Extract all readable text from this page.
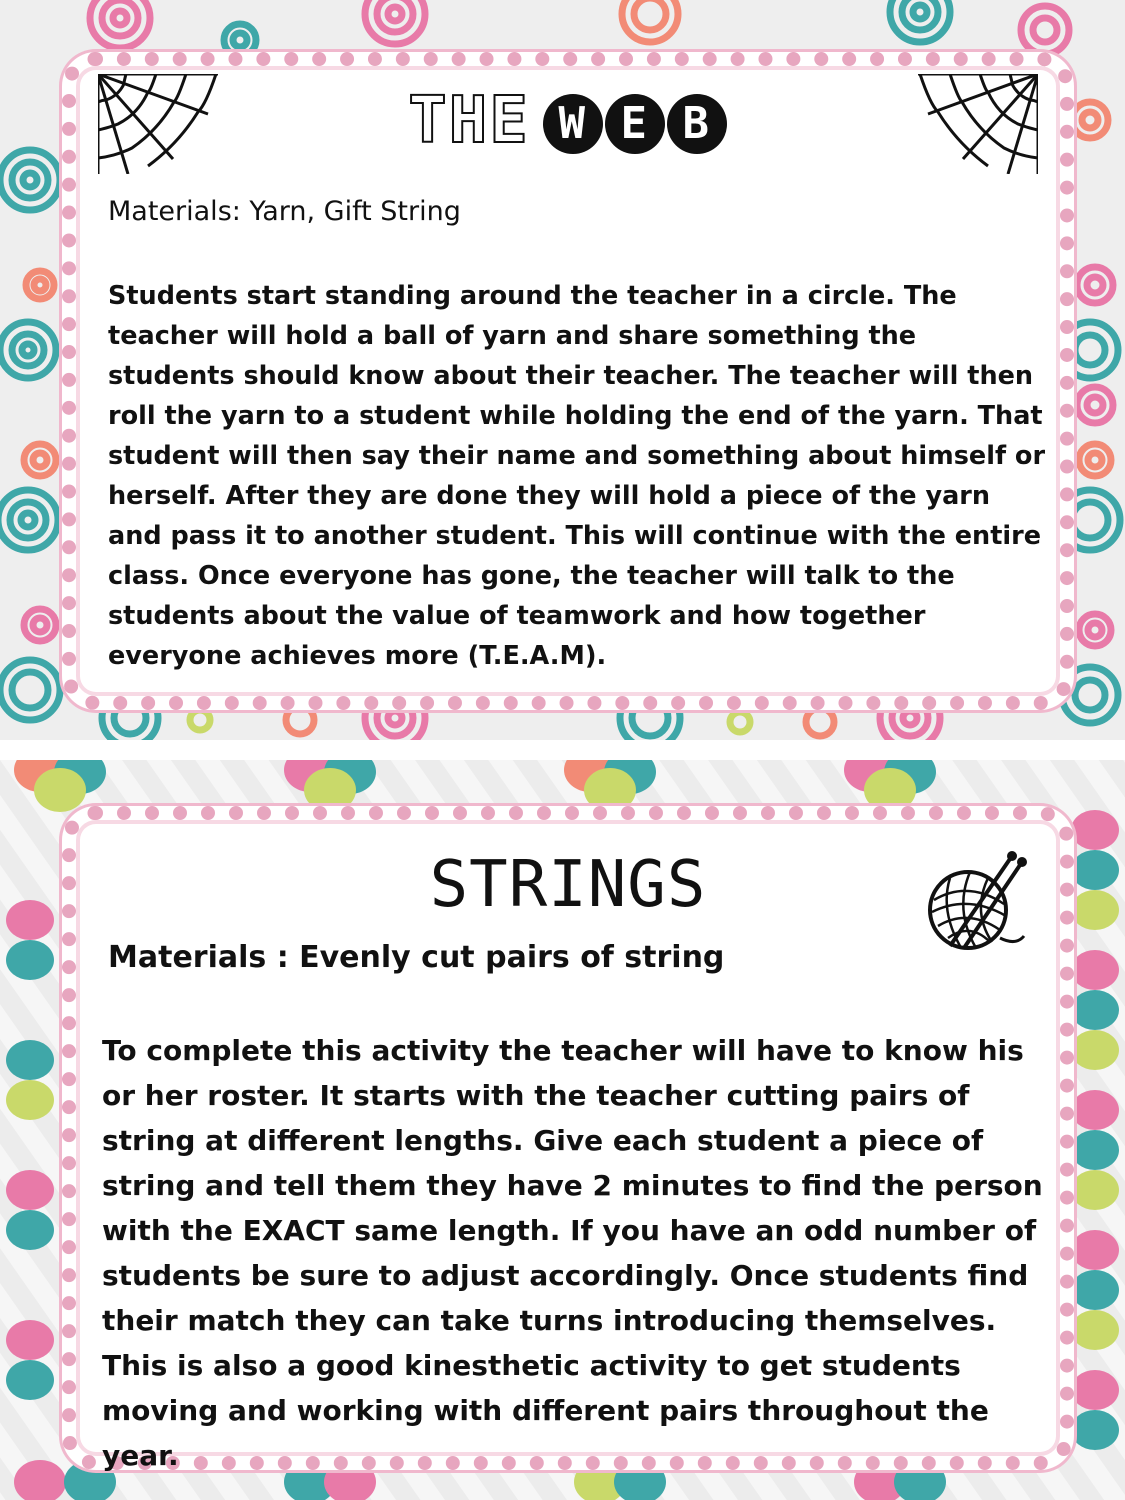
THE W E B

Materials: Yarn, Gift String

Students start standing around the teacher in a circle. The teacher will hold a ball of yarn and share something the students should know about their teacher. The teacher will then roll the yarn to a student while holding the end of the yarn. That student will then say their name and something about himself or herself. After they are done they will hold a piece of the yarn and pass it to another student. This will continue with the entire class. Once everyone has gone, the teacher will talk to the students about the value of teamwork and how together everyone achieves more (T.E.A.M).

STRINGS

Materials : Evenly cut pairs of string

To complete this activity the teacher will have to know his or her roster. It starts with the teacher cutting pairs of string at different lengths. Give each student a piece of string and tell them they have 2 minutes to find the person with the EXACT same length. If you have an odd number of students be sure to adjust accordingly. Once students find their match they can take turns introducing themselves. This is also a good kinesthetic activity to get students moving and working with different pairs throughout the year.
